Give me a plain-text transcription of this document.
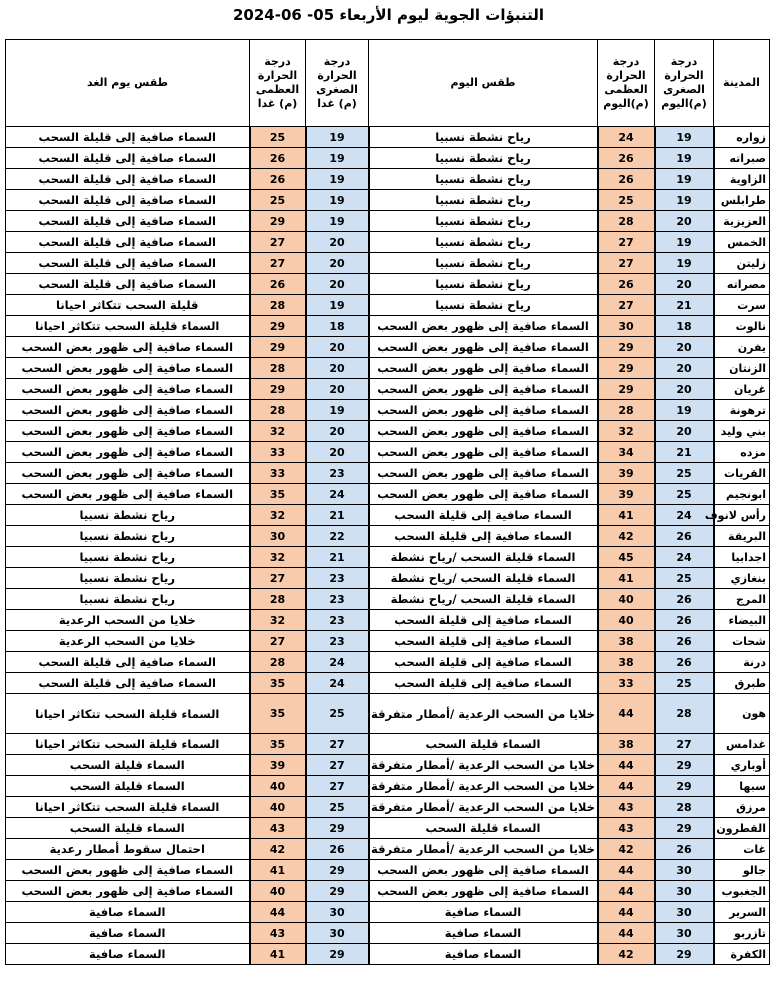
التنبؤات الجوية ليوم الأربعاء 05- 06-2024
المدينة	درجة الحرارة الصغرى (م)اليوم	درجة الحرارة العظمى (م)اليوم	طقس اليوم	درجة الحرارة الصغرى (م) غدا	درجة الحرارة العظمى (م) غدا	طقس يوم الغد
زواره	19	24	رياح نشطة نسبيا	19	25	السماء صافية إلى قليلة السحب
صبراته	19	26	رياح نشطة نسبيا	19	26	السماء صافية إلى قليلة السحب
الزاوية	19	26	رياح نشطة نسبيا	19	26	السماء صافية إلى قليلة السحب
طرابلس	19	25	رياح نشطة نسبيا	19	25	السماء صافية إلى قليلة السحب
العزيزية	20	28	رياح نشطة نسبيا	19	29	السماء صافية إلى قليلة السحب
الخمس	19	27	رياح نشطة نسبيا	20	27	السماء صافية إلى قليلة السحب
زليتن	19	27	رياح نشطة نسبيا	20	27	السماء صافية إلى قليلة السحب
مصراته	20	26	رياح نشطة نسبيا	20	26	السماء صافية إلى قليلة السحب
سرت	21	27	رياح نشطة نسبيا	19	28	قليلة السحب تتكاثر احيانا
نالوت	18	30	السماء صافية إلى ظهور بعض السحب	18	29	السماء قليلة السحب تتكاثر احيانا
يفرن	20	29	السماء صافية إلى ظهور بعض السحب	20	29	السماء صافية إلى ظهور بعض السحب
الزنتان	20	29	السماء صافية إلى ظهور بعض السحب	20	28	السماء صافية إلى ظهور بعض السحب
غريان	20	29	السماء صافية إلى ظهور بعض السحب	20	29	السماء صافية إلى ظهور بعض السحب
ترهونة	19	28	السماء صافية إلى ظهور بعض السحب	19	28	السماء صافية إلى ظهور بعض السحب
بني وليد	20	32	السماء صافية إلى ظهور بعض السحب	20	32	السماء صافية إلى ظهور بعض السحب
مزده	21	34	السماء صافية إلى ظهور بعض السحب	20	33	السماء صافية إلى ظهور بعض السحب
القريات	25	39	السماء صافية إلى ظهور بعض السحب	23	33	السماء صافية إلى ظهور بعض السحب
ابونجيم	25	39	السماء صافية إلى ظهور بعض السحب	24	35	السماء صافية إلى ظهور بعض السحب
رأس لانوف	24	41	السماء صافية إلى قليلة السحب	21	32	رياح نشطة نسبيا
البريقة	26	42	السماء صافية إلى قليلة السحب	22	30	رياح نشطة نسبيا
اجدابيا	24	45	السماء قليلة السحب /رياح نشطة	21	32	رياح نشطة نسبيا
بنغازي	25	41	السماء قليلة السحب /رياح نشطة	23	27	رياح نشطة نسبيا
المرج	26	40	السماء قليلة السحب /رياح نشطة	23	28	رياح نشطة نسبيا
البيضاء	26	40	السماء صافية إلى قليلة السحب	23	32	خلايا من السحب الرعدية
شحات	26	38	السماء صافية إلى قليلة السحب	23	27	خلايا من السحب الرعدية
درنة	26	38	السماء صافية إلى قليلة السحب	24	28	السماء صافية إلى قليلة السحب
طبرق	25	33	السماء صافية إلى قليلة السحب	24	35	السماء صافية إلى قليلة السحب
هون	28	44	خلايا من السحب الرعدية /أمطار متفرقة	25	35	السماء قليلة السحب تتكاثر احيانا
غدامس	27	38	السماء قليلة السحب	27	35	السماء قليلة السحب تتكاثر احيانا
أوباري	29	44	خلايا من السحب الرعدية /أمطار متفرقة	27	39	السماء قليلة السحب
سبها	29	44	خلايا من السحب الرعدية /أمطار متفرقة	27	40	السماء قليلة السحب
مرزق	28	43	خلايا من السحب الرعدية /أمطار متفرقة	25	40	السماء قليلة السحب تتكاثر احيانا
القطرون	29	43	السماء قليلة السحب	29	43	السماء قليلة السحب
غات	26	42	خلايا من السحب الرعدية /أمطار متفرقة	26	42	احتمال سقوط أمطار رعدية
جالو	30	44	السماء صافية إلى ظهور بعض السحب	29	41	السماء صافية إلى ظهور بعض السحب
الجغبوب	30	44	السماء صافية إلى ظهور بعض السحب	29	40	السماء صافية إلى ظهور بعض السحب
السرير	30	44	السماء صافية	30	44	السماء صافية
تازربو	30	44	السماء صافية	30	43	السماء صافية
الكفرة	29	42	السماء صافية	29	41	السماء صافية
